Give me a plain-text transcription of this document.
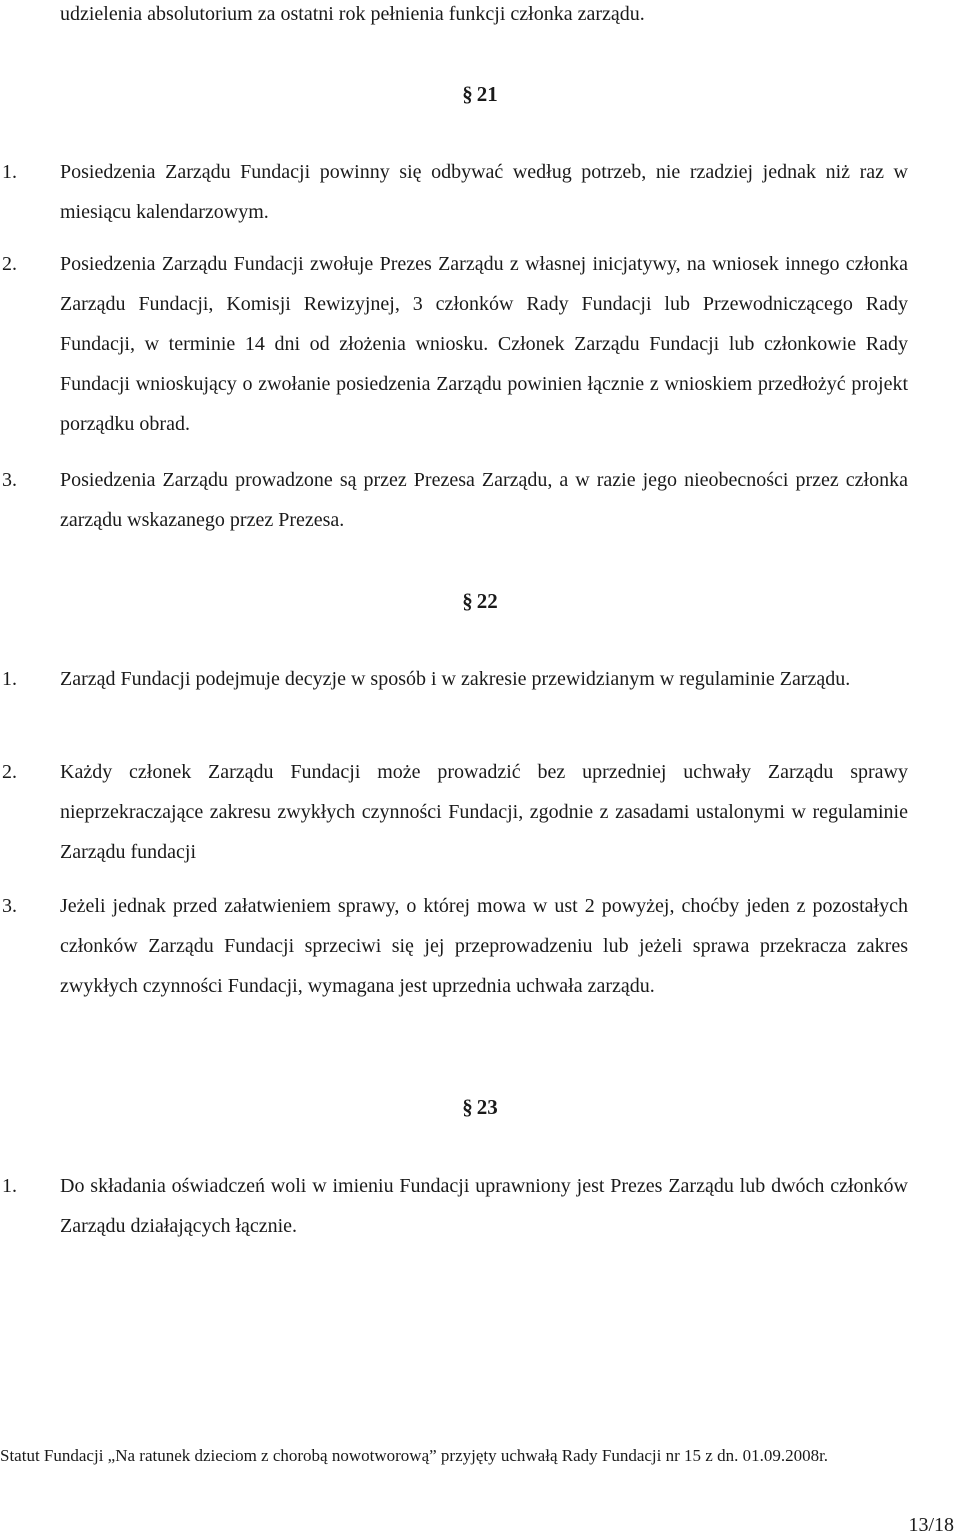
udzielenia absolutorium za ostatni rok pełnienia funkcji członka zarządu.
§ 21
1. Posiedzenia Zarządu Fundacji powinny się odbywać według potrzeb, nie rzadziej jednak niż raz w miesiącu kalendarzowym.
2. Posiedzenia Zarządu Fundacji zwołuje Prezes Zarządu z własnej inicjatywy, na wniosek innego członka Zarządu Fundacji, Komisji Rewizyjnej, 3 członków Rady Fundacji lub Przewodniczącego Rady Fundacji, w terminie 14 dni od złożenia wniosku. Członek Zarządu Fundacji lub członkowie Rady Fundacji wnioskujący o zwołanie posiedzenia Zarządu powinien łącznie z wnioskiem przedłożyć projekt porządku obrad.
3. Posiedzenia Zarządu prowadzone są przez Prezesa Zarządu, a w razie jego nieobecności przez członka zarządu wskazanego przez Prezesa.
§ 22
1. Zarząd Fundacji podejmuje decyzje w sposób i w zakresie przewidzianym w regulaminie Zarządu.
2. Każdy członek Zarządu Fundacji może prowadzić bez uprzedniej uchwały Zarządu sprawy nieprzekraczające zakresu zwykłych czynności Fundacji, zgodnie z zasadami ustalonymi w regulaminie Zarządu fundacji
3. Jeżeli jednak przed załatwieniem sprawy, o której mowa w ust 2 powyżej, choćby jeden z pozostałych członków Zarządu Fundacji sprzeciwi się jej przeprowadzeniu lub jeżeli sprawa przekracza zakres zwykłych czynności Fundacji, wymagana jest uprzednia uchwała zarządu.
§ 23
1. Do składania oświadczeń woli w imieniu Fundacji uprawniony jest Prezes Zarządu lub dwóch członków Zarządu działających łącznie.
Statut Fundacji „Na ratunek dzieciom z chorobą nowotworową” przyjęty uchwałą Rady Fundacji nr 15 z dn. 01.09.2008r.
13/18
